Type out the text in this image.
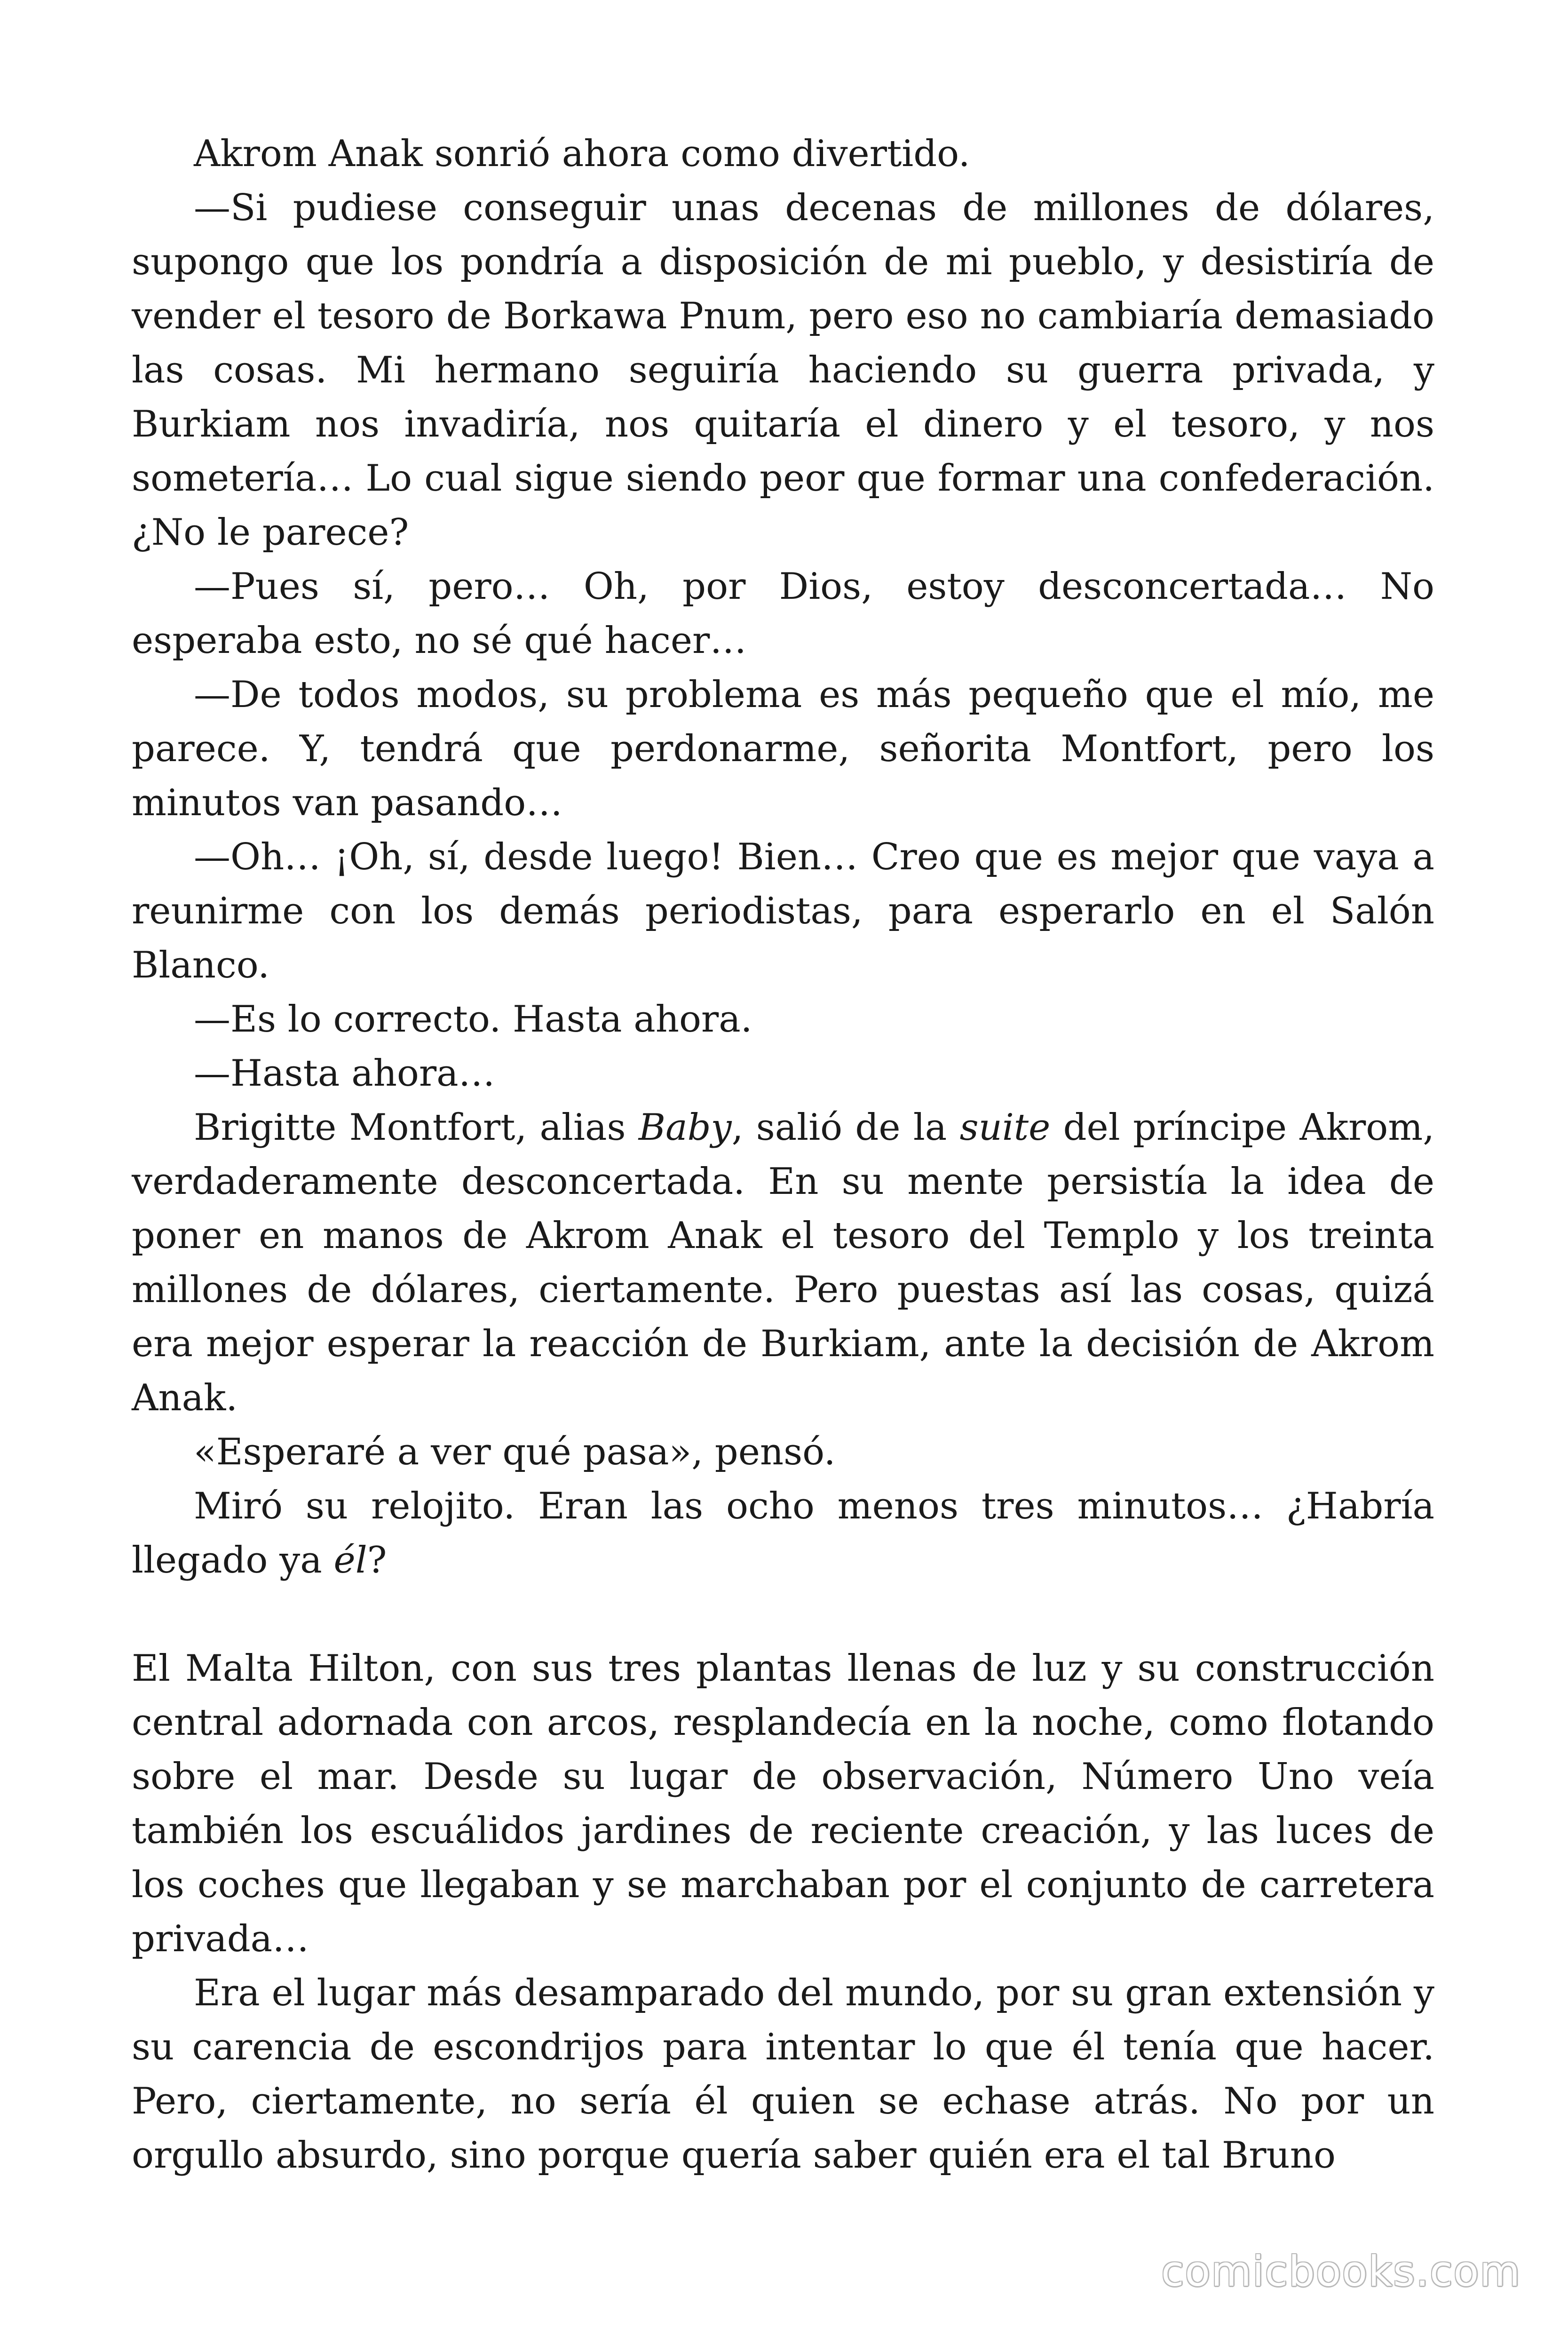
Akrom Anak sonrió ahora como divertido.

—Si pudiese conseguir unas decenas de millones de dólares, supongo que los pondría a disposición de mi pueblo, y desistiría de vender el tesoro de Borkawa Pnum, pero eso no cambiaría demasiado las cosas. Mi hermano seguiría haciendo su guerra privada, y Burkiam nos invadiría, nos quitaría el dinero y el tesoro, y nos sometería… Lo cual sigue siendo peor que formar una confederación. ¿No le parece?

—Pues sí, pero… Oh, por Dios, estoy desconcertada… No esperaba esto, no sé qué hacer…

—De todos modos, su problema es más pequeño que el mío, me parece. Y, tendrá que perdonarme, señorita Montfort, pero los minutos van pasando…

—Oh… ¡Oh, sí, desde luego! Bien… Creo que es mejor que vaya a reunirme con los demás periodistas, para esperarlo en el Salón Blanco.

—Es lo correcto. Hasta ahora.

—Hasta ahora…

Brigitte Montfort, alias Baby, salió de la suite del príncipe Akrom, verdaderamente desconcertada. En su mente persistía la idea de poner en manos de Akrom Anak el tesoro del Templo y los treinta millones de dólares, ciertamente. Pero puestas así las cosas, quizá era mejor esperar la reacción de Burkiam, ante la decisión de Akrom Anak.

«Esperaré a ver qué pasa», pensó.

Miró su relojito. Eran las ocho menos tres minutos… ¿Habría llegado ya él?

El Malta Hilton, con sus tres plantas llenas de luz y su construcción central adornada con arcos, resplandecía en la noche, como flotando sobre el mar. Desde su lugar de observación, Número Uno veía también los escuálidos jardines de reciente creación, y las luces de los coches que llegaban y se marchaban por el conjunto de carretera privada…

Era el lugar más desamparado del mundo, por su gran extensión y su carencia de escondrijos para intentar lo que él tenía que hacer. Pero, ciertamente, no sería él quien se echase atrás. No por un orgullo absurdo, sino porque quería saber quién era el tal Bruno

comicbooks.com
